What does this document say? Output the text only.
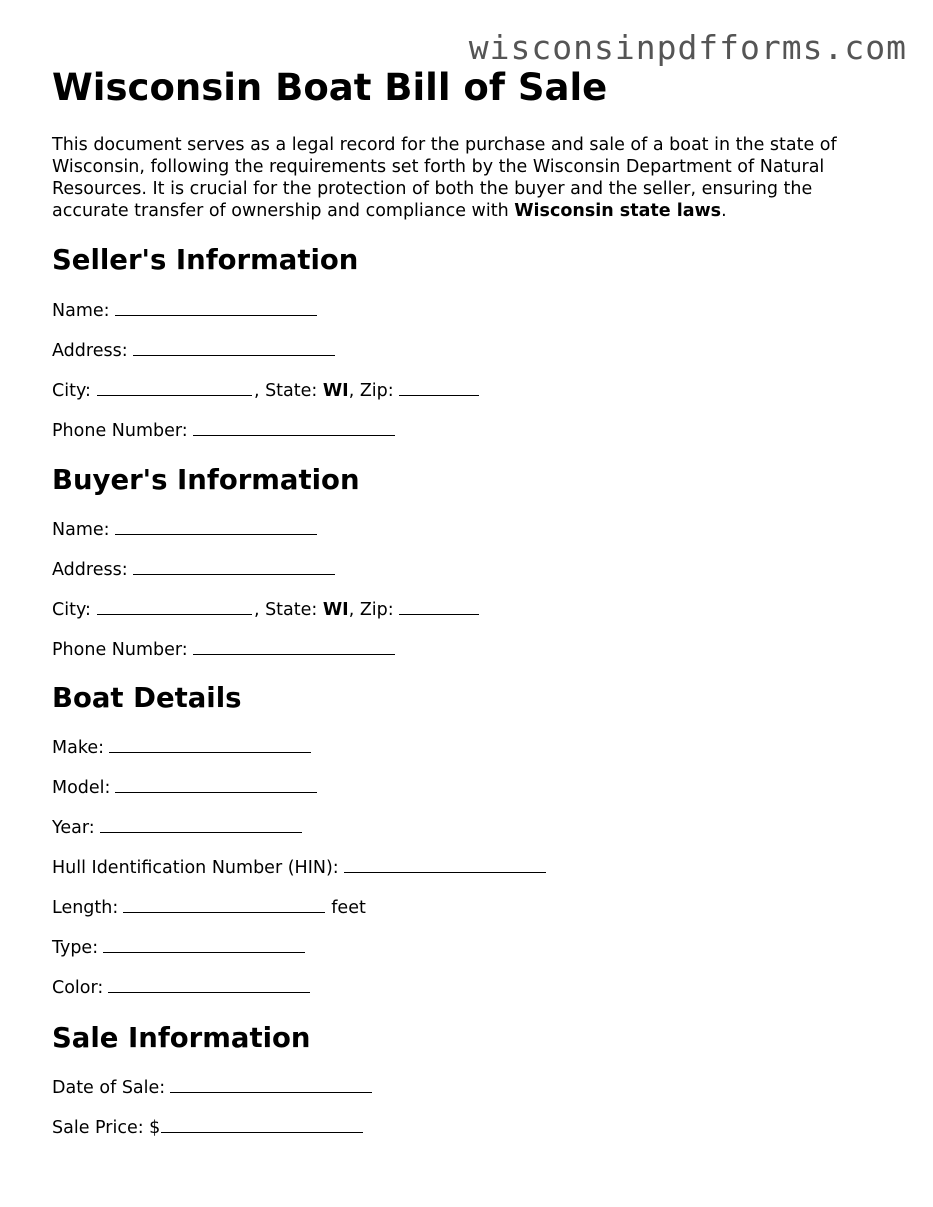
wisconsinpdfforms.com
Wisconsin Boat Bill of Sale

This document serves as a legal record for the purchase and sale of a boat in the state of Wisconsin, following the requirements set forth by the Wisconsin Department of Natural Resources. It is crucial for the protection of both the buyer and the seller, ensuring the accurate transfer of ownership and compliance with Wisconsin state laws.

Seller's Information

Name:

Address:

City:	, State: WI, Zip:

Phone Number:

Buyer's Information

Name:

Address:

City:	, State: WI, Zip:

Phone Number:

Boat Details

Make:

Model:

Year:

Hull Identification Number (HIN):

Length:	feet

Type:

Color:

Sale Information

Date of Sale:

Sale Price: $
